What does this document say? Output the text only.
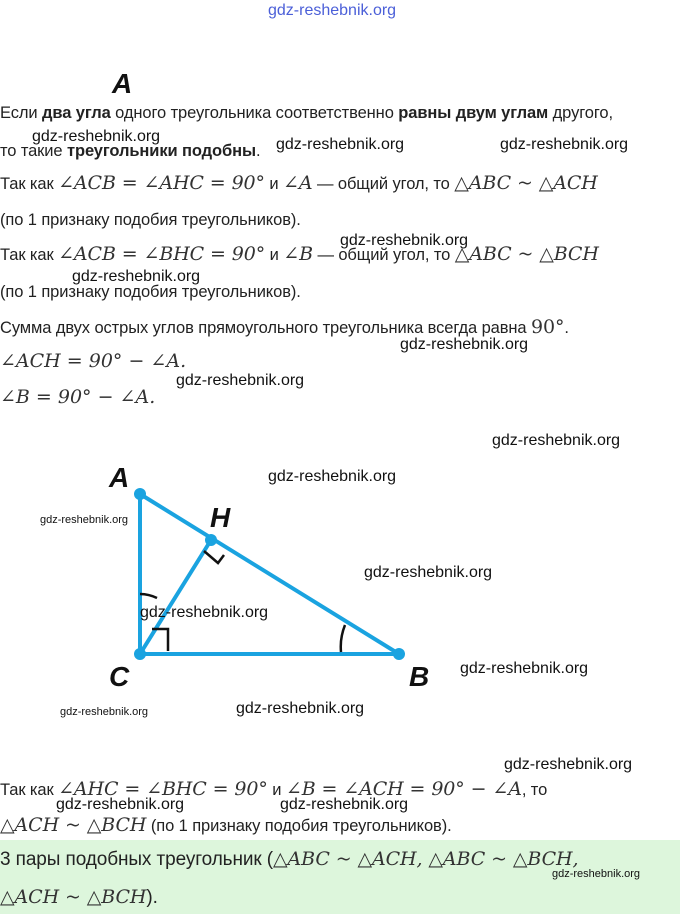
gdz-reshebnik.org
А
Если два угла одного треугольника соответственно равны двум углам другого,
то такие треугольники подобны.
Так как ∠ACB = ∠AHC = 90° и ∠A — общий угол, то △ABC ~ △ACH
(по 1 признаку подобия треугольников).
Так как ∠ACB = ∠BHC = 90° и ∠B — общий угол, то △ABC ~ △BCH
(по 1 признаку подобия треугольников).
Сумма двух острых углов прямоугольного треугольника всегда равна 90°.
∠ACH = 90° − ∠A.
∠B = 90° − ∠A.
A
H
C	B
Так как ∠AHC = ∠BHC = 90° и ∠B = ∠ACH = 90° − ∠A, то
△ACH ~ △BCH (по 1 признаку подобия треугольников).
3 пары подобных треугольник (△ABC ~ △ACH, △ABC ~ △BCH,
△ACH ~ △BCH).
gdz-reshebnik.org	gdz-reshebnik.org	gdz-reshebnik.org
gdz-reshebnik.org
gdz-reshebnik.org
gdz-reshebnik.org
gdz-reshebnik.org
gdz-reshebnik.org
gdz-reshebnik.org
gdz-reshebnik.org
gdz-reshebnik.org
gdz-reshebnik.org
gdz-reshebnik.org
gdz-reshebnik.org	gdz-reshebnik.org
gdz-reshebnik.org
gdz-reshebnik.org	gdz-reshebnik.org
gdz-reshebnik.org
